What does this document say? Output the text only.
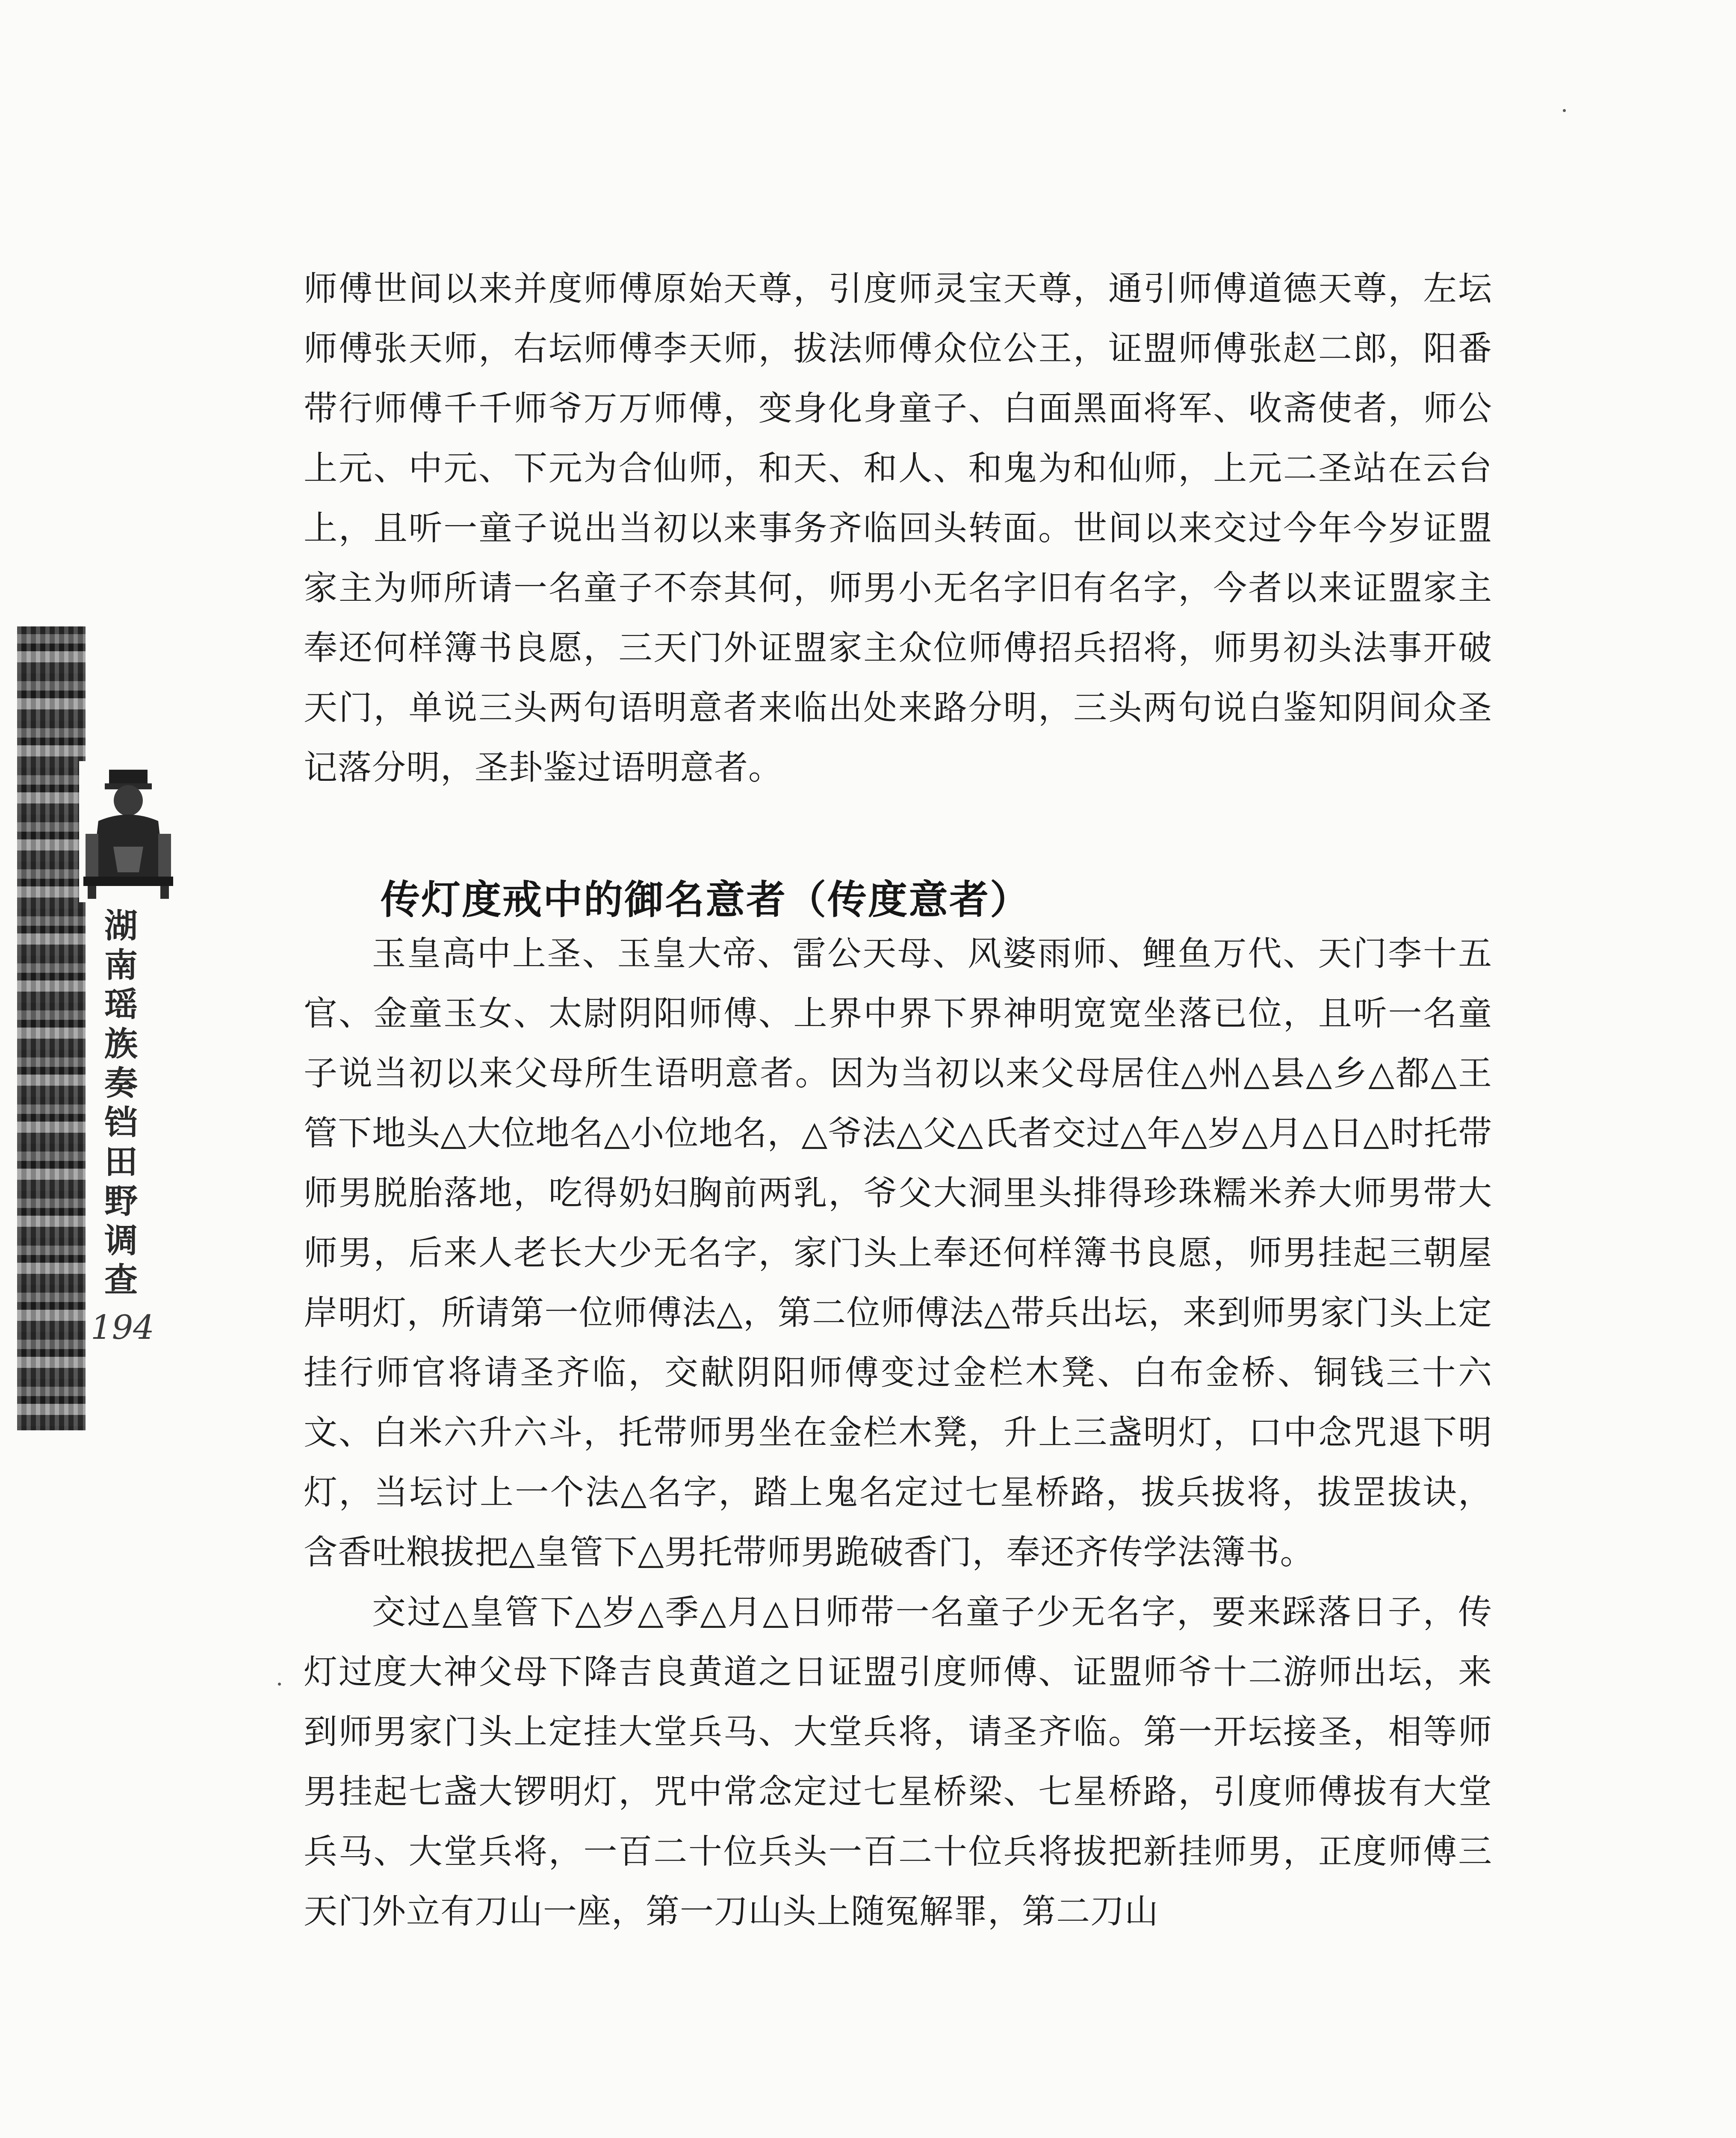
湖南瑶族奏铛田野调查

194

师傅世间以来并度师傅原始天尊，引度师灵宝天尊，通引师傅道德天尊，左坛师傅张天师，右坛师傅李天师，拔法师傅众位公王，证盟师傅张赵二郎，阳番带行师傅千千师爷万万师傅，变身化身童子、白面黑面将军、收斋使者，师公上元、中元、下元为合仙师，和天、和人、和鬼为和仙师，上元二圣站在云台上，且听一童子说出当初以来事务齐临回头转面。世间以来交过今年今岁证盟家主为师所请一名童子不奈其何，师男小无名字旧有名字，今者以来证盟家主奉还何样簿书良愿，三天门外证盟家主众位师傅招兵招将，师男初头法事开破天门，单说三头两句语明意者来临出处来路分明，三头两句说白鉴知阴间众圣记落分明，圣卦鉴过语明意者。

传灯度戒中的御名意者（传度意者）

玉皇高中上圣、玉皇大帝、雷公天母、风婆雨师、鲤鱼万代、天门李十五官、金童玉女、太尉阴阳师傅、上界中界下界神明宽宽坐落已位，且听一名童子说当初以来父母所生语明意者。因为当初以来父母居住△州△县△乡△都△王管下地头△大位地名△小位地名，△爷法△父△氏者交过△年△岁△月△日△时托带师男脱胎落地，吃得奶妇胸前两乳，爷父大洞里头排得珍珠糯米养大师男带大师男，后来人老长大少无名字，家门头上奉还何样簿书良愿，师男挂起三朝屋岸明灯，所请第一位师傅法△，第二位师傅法△带兵出坛，来到师男家门头上定挂行师官将请圣齐临，交献阴阳师傅变过金栏木凳、白布金桥、铜钱三十六文、白米六升六斗，托带师男坐在金栏木凳，升上三盏明灯，口中念咒退下明灯，当坛讨上一个法△名字，踏上鬼名定过七星桥路，拔兵拔将，拔罡拔诀，含香吐粮拔把△皇管下△男托带师男跪破香门，奉还齐传学法簿书。

交过△皇管下△岁△季△月△日师带一名童子少无名字，要来踩落日子，传灯过度大神父母下降吉良黄道之日证盟引度师傅、证盟师爷十二游师出坛，来到师男家门头上定挂大堂兵马、大堂兵将，请圣齐临。第一开坛接圣，相等师男挂起七盏大锣明灯，咒中常念定过七星桥梁、七星桥路，引度师傅拔有大堂兵马、大堂兵将，一百二十位兵头一百二十位兵将拔把新挂师男，正度师傅三天门外立有刀山一座，第一刀山头上随冤解罪，第二刀山
